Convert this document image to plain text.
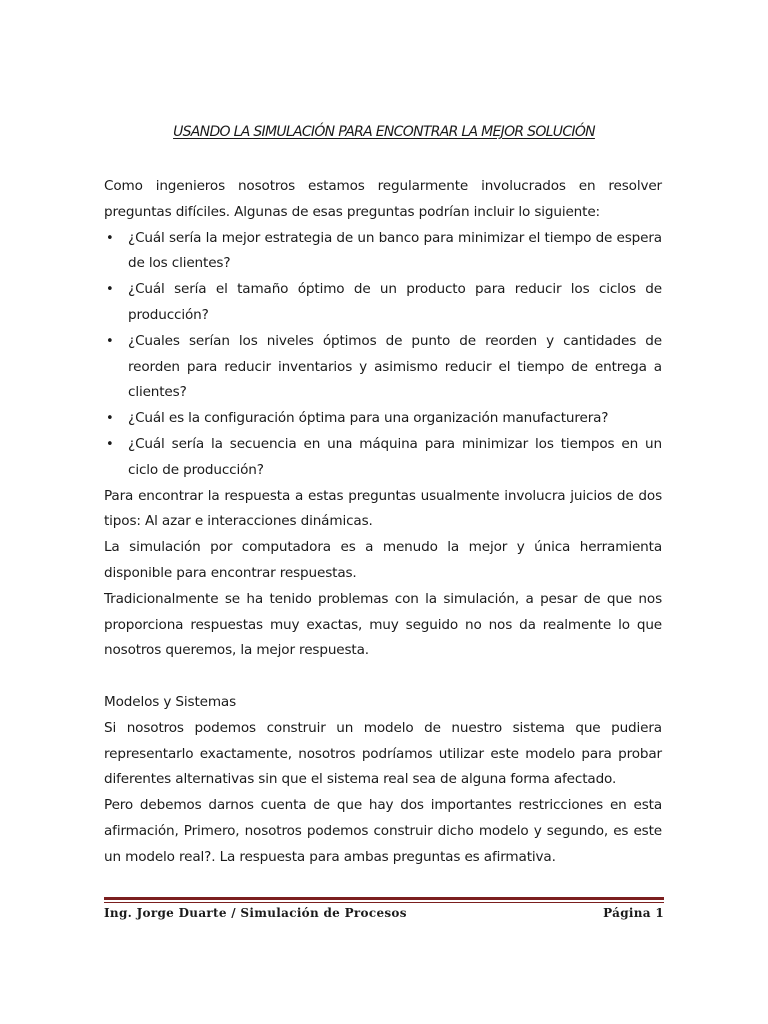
USANDO LA SIMULACIÓN PARA ENCONTRAR LA MEJOR SOLUCIÓN

Como ingenieros nosotros estamos regularmente involucrados en resolver preguntas difíciles. Algunas de esas preguntas podrían incluir lo siguiente:

• ¿Cuál sería la mejor estrategia de un banco para minimizar el tiempo de espera de los clientes?
• ¿Cuál sería el tamaño óptimo de un producto para reducir los ciclos de producción?
• ¿Cuales serían los niveles óptimos de punto de reorden y cantidades de reorden para reducir inventarios y asimismo reducir el tiempo de entrega a clientes?
• ¿Cuál es la configuración óptima para una organización manufacturera?
• ¿Cuál sería la secuencia en una máquina para minimizar los tiempos en un ciclo de producción?

Para encontrar la respuesta a estas preguntas usualmente involucra juicios de dos tipos: Al azar e interacciones dinámicas.

La simulación por computadora es a menudo la mejor y única herramienta disponible para encontrar respuestas.

Tradicionalmente se ha tenido problemas con la simulación, a pesar de que nos proporciona respuestas muy exactas, muy seguido no nos da realmente lo que nosotros queremos, la mejor respuesta.

Modelos y Sistemas

Si nosotros podemos construir un modelo de nuestro sistema que pudiera representarlo exactamente, nosotros podríamos utilizar este modelo para probar diferentes alternativas sin que el sistema real sea de alguna forma afectado.

Pero debemos darnos cuenta de que hay dos importantes restricciones en esta afirmación, Primero, nosotros podemos construir dicho modelo y segundo, es este un modelo real?. La respuesta para ambas preguntas es afirmativa.

Ing. Jorge Duarte / Simulación de Procesos	Página 1
